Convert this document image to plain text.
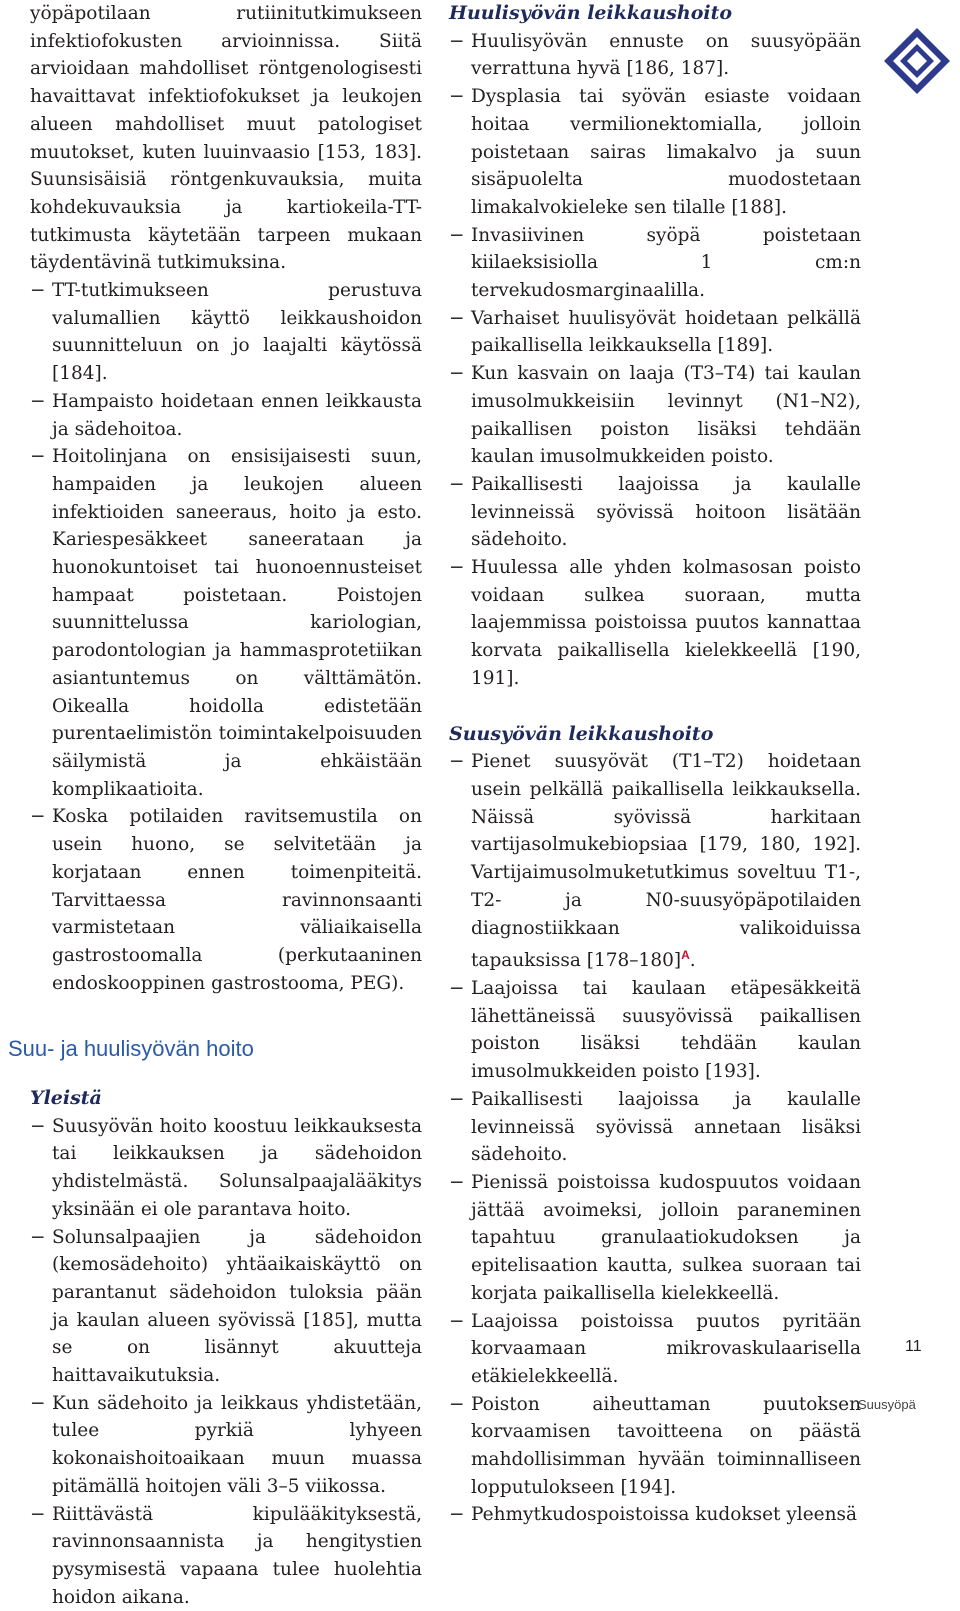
yöpäpotilaan rutiinitutkimukseen infektiofokusten arvioinnissa. Siitä arvioidaan mahdolliset röntgenologisesti havaittavat infektiofokukset ja leukojen alueen mahdolliset muut patologiset muutokset, kuten luuinvaasio [153, 183]. Suunsisäisiä röntgenkuvauksia, muita kohdekuvauksia ja kartiokeila-TT-tutkimusta käytetään tarpeen mukaan täydentävinä tutkimuksina.

− TT-tutkimukseen perustuva valumallien käyttö leikkaushoidon suunnitteluun on jo laajalti käytössä [184].

− Hampaisto hoidetaan ennen leikkausta ja sädehoitoa.

− Hoitolinjana on ensisijaisesti suun, hampaiden ja leukojen alueen infektioiden saneeraus, hoito ja esto. Kariespesäkkeet saneerataan ja huonokuntoiset tai huonoennusteiset hampaat poistetaan. Poistojen suunnittelussa kariologian, parodontologian ja hammasprotetiikan asiantuntemus on välttämätön. Oikealla hoidolla edistetään purentaelimistön toimintakelpoisuuden säilymistä ja ehkäistään komplikaatioita.

− Koska potilaiden ravitsemustila on usein huono, se selvitetään ja korjataan ennen toimenpiteitä. Tarvittaessa ravinnonsaanti varmistetaan väliaikaisella gastrostoomalla (perkutaaninen endoskooppinen gastrostooma, PEG).

Suu- ja huulisyövän hoito
Yleistä

− Suusyövän hoito koostuu leikkauksesta tai leikkauksen ja sädehoidon yhdistelmästä. Solunsalpaajalääkitys yksinään ei ole parantava hoito.

− Solunsalpaajien ja sädehoidon (kemosädehoito) yhtäaikaiskäyttö on parantanut sädehoidon tuloksia pään ja kaulan alueen syövissä [185], mutta se on lisännyt akuutteja haittavaikutuksia.

− Kun sädehoito ja leikkaus yhdistetään, tulee pyrkiä lyhyeen kokonaishoitoaikaan muun muassa pitämällä hoitojen väli 3–5 viikossa.

− Riittävästä kipulääkityksestä, ravinnonsaannista ja hengitystien pysymisestä vapaana tulee huolehtia hoidon aikana.

Huulisyövän leikkaushoito

− Huulisyövän ennuste on suusyöpään verrattuna hyvä [186, 187].

− Dysplasia tai syövän esiaste voidaan hoitaa vermilionektomialla, jolloin poistetaan sairas limakalvo ja suun sisäpuolelta muodostetaan limakalvokieleke sen tilalle [188].

− Invasiivinen syöpä poistetaan kiilaeksisiolla 1 cm:n tervekudosmarginaalilla.

− Varhaiset huulisyövät hoidetaan pelkällä paikallisella leikkauksella [189].

− Kun kasvain on laaja (T3–T4) tai kaulan imusolmukkeisiin levinnyt (N1–N2), paikallisen poiston lisäksi tehdään kaulan imusolmukkeiden poisto.

− Paikallisesti laajoissa ja kaulalle levinneissä syövissä hoitoon lisätään sädehoito.

− Huulessa alle yhden kolmasosan poisto voidaan sulkea suoraan, mutta laajemmissa poistoissa puutos kannattaa korvata paikallisella kielekkeellä [190, 191].

Suusyövän leikkaushoito

− Pienet suusyövät (T1–T2) hoidetaan usein pelkällä paikallisella leikkauksella. Näissä syövissä harkitaan vartijasolmukebiopsiaa [179, 180, 192]. Vartijaimusolmuketutkimus soveltuu T1-, T2- ja N0-suusyöpäpotilaiden diagnostiikkaan valikoiduissa tapauksissa $[178-180]^A$.

− Laajoissa tai kaulaan etäpesäkkeitä lähettäneissä suusyövissä paikallisen poiston lisäksi tehdään kaulan imusolmukkeiden poisto [193].

− Paikallisesti laajoissa ja kaulalle levinneissä syövissä annetaan lisäksi sädehoito.

− Pienissä poistoissa kudospuutos voidaan jättää avoimeksi, jolloin paraneminen tapahtuu granulaatiokudoksen ja epitelisaation kautta, sulkea suoraan tai korjata paikallisella kielekkeellä.

− Laajoissa poistoissa puutos pyritään korvaamaan mikrovaskulaarisella etäkielekkeellä.

− Poiston aiheuttaman puutoksen korvaamisen tavoitteena on päästä mahdollisimman hyvään toiminnalliseen lopputulokseen [194].

− Pehmytkudospoistoissa kudokset yleensä

11
Suusyöpä
